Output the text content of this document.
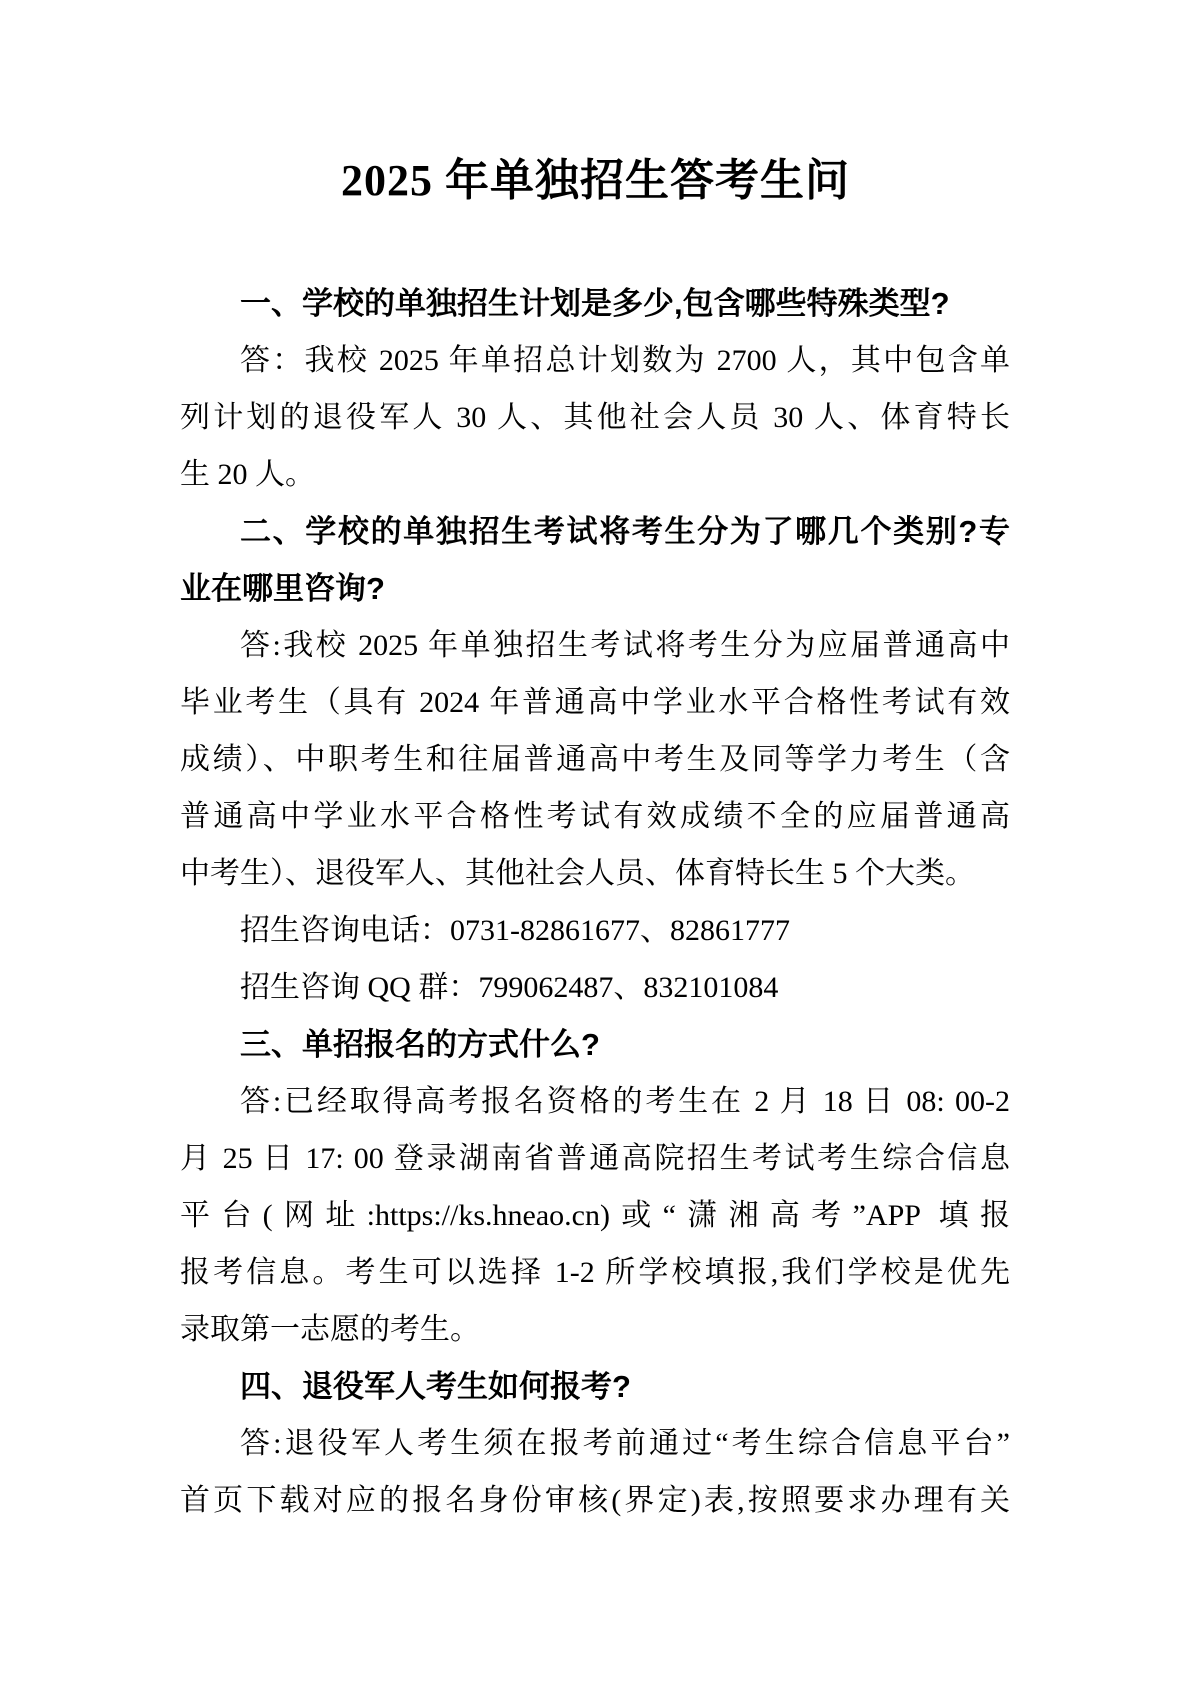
2025 年单独招生答考生问
一、学校的单独招生计划是多少,包含哪些特殊类型?
答：我校 2025 年单招总计划数为 2700 人，其中包含单
列计划的退役军人 30 人、其他社会人员 30 人、体育特长
生 20 人。
二、学校的单独招生考试将考生分为了哪几个类别?专
业在哪里咨询?
答:我校 2025 年单独招生考试将考生分为应届普通高中
毕业考生（具有 2024 年普通高中学业水平合格性考试有效
成绩）、中职考生和往届普通高中考生及同等学力考生（含
普通高中学业水平合格性考试有效成绩不全的应届普通高
中考生）、退役军人、其他社会人员、体育特长生 5 个大类。
招生咨询电话：0731-82861677、82861777
招生咨询 QQ 群：799062487、832101084
三、单招报名的方式什么?
答:已经取得高考报名资格的考生在 2 月 18 日 08: 00-2
月 25 日 17: 00 登录湖南省普通高院招生考试考生综合信息
平台(网址:https://ks.hneao.cn)或“潇湘高考”APP 填报
报考信息。考生可以选择 1-2 所学校填报,我们学校是优先
录取第一志愿的考生。
四、退役军人考生如何报考?
答:退役军人考生须在报考前通过“考生综合信息平台”
首页下载对应的报名身份审核(界定)表,按照要求办理有关
